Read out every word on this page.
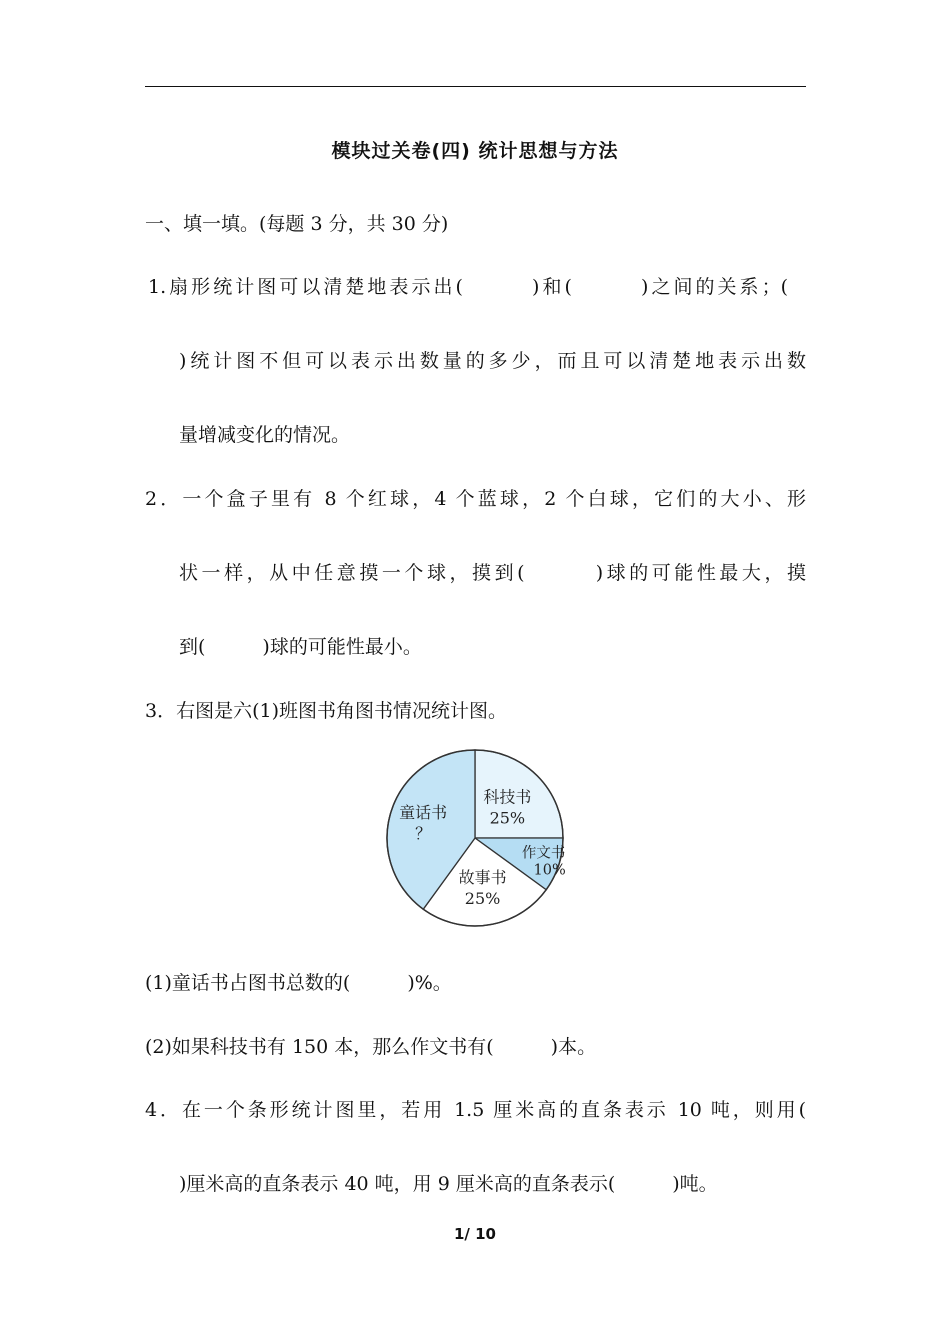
模块过关卷(四) 统计思想与方法
一、填一填。(每题 3 分，共 30 分)
1.扇形统计图可以清楚地表示出(　　　)和(　　　)之间的关系；(
)统计图不但可以表示出数量的多少，而且可以清楚地表示出数
量增减变化的情况。
2．一个盒子里有 8 个红球，4 个蓝球，2 个白球，它们的大小、形
状一样，从中任意摸一个球，摸到(　　　)球的可能性最大，摸
到(　　　)球的可能性最小。
3．右图是六(1)班图书角图书情况统计图。
科技书
25%
作文书
10%
故事书
25%
童话书
？
(1)童话书占图书总数的(　　　)%。
(2)如果科技书有 150 本，那么作文书有(　　　)本。
4．在一个条形统计图里，若用 1.5 厘米高的直条表示 10 吨，则用(
)厘米高的直条表示 40 吨，用 9 厘米高的直条表示(　　　)吨。
1/ 10
